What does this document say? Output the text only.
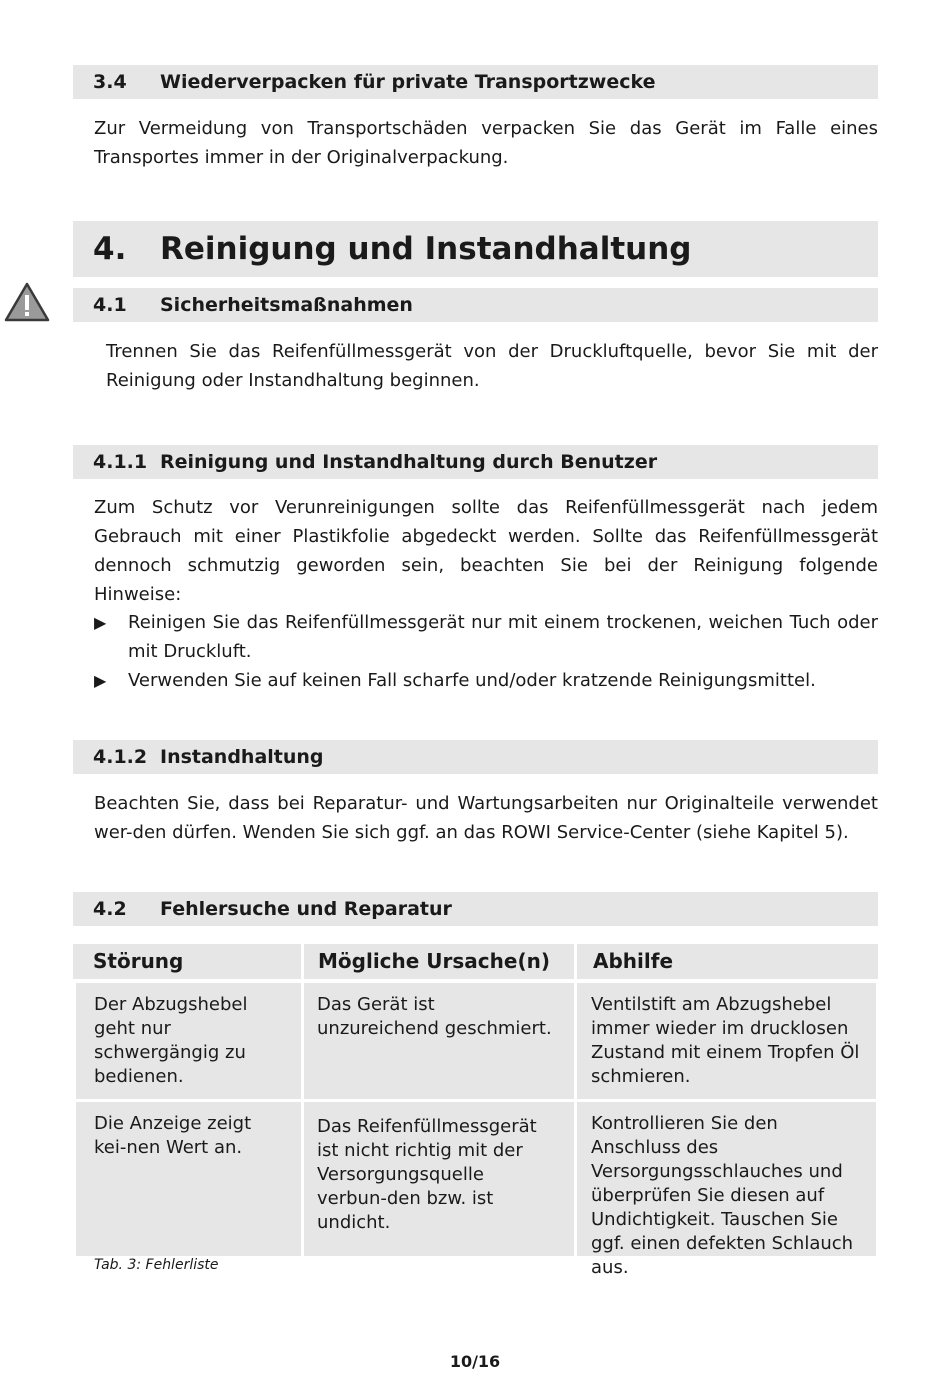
3.4 Wiederverpacken für private Transportzwecke
Zur Vermeidung von Transportschäden verpacken Sie das Gerät im Falle eines Transportes immer in der Originalverpackung.
4. Reinigung und Instandhaltung
4.1 Sicherheitsmaßnahmen
Trennen Sie das Reifenfüllmessgerät von der Druckluftquelle, bevor Sie mit der Reinigung oder Instandhaltung beginnen.
4.1.1 Reinigung und Instandhaltung durch Benutzer
Zum Schutz vor Verunreinigungen sollte das Reifenfüllmessgerät nach jedem Gebrauch mit einer Plastikfolie abgedeckt werden. Sollte das Reifenfüllmessgerät dennoch schmutzig geworden sein, beachten Sie bei der Reinigung folgende Hinweise:
▶ Reinigen Sie das Reifenfüllmessgerät nur mit einem trockenen, weichen Tuch oder mit Druckluft.
▶ Verwenden Sie auf keinen Fall scharfe und/oder kratzende Reinigungsmittel.
4.1.2 Instandhaltung
Beachten Sie, dass bei Reparatur- und Wartungsarbeiten nur Originalteile verwendet wer-den dürfen. Wenden Sie sich ggf. an das ROWI Service-Center (siehe Kapitel 5).
4.2 Fehlersuche und Reparatur
Störung	Mögliche Ursache(n)	Abhilfe
Der Abzugshebel geht nur schwergängig zu bedienen.
Das Gerät ist unzureichend geschmiert.
Ventilstift am Abzugshebel immer wieder im drucklosen Zustand mit einem Tropfen Öl schmieren.
Die Anzeige zeigt kei-nen Wert an.
Das Reifenfüllmessgerät ist nicht richtig mit der Versorgungsquelle verbun-den bzw. ist undicht.
Kontrollieren Sie den Anschluss des Versorgungsschlauches und überprüfen Sie diesen auf Undichtigkeit. Tauschen Sie ggf. einen defekten Schlauch aus.
Tab. 3: Fehlerliste
10/16
